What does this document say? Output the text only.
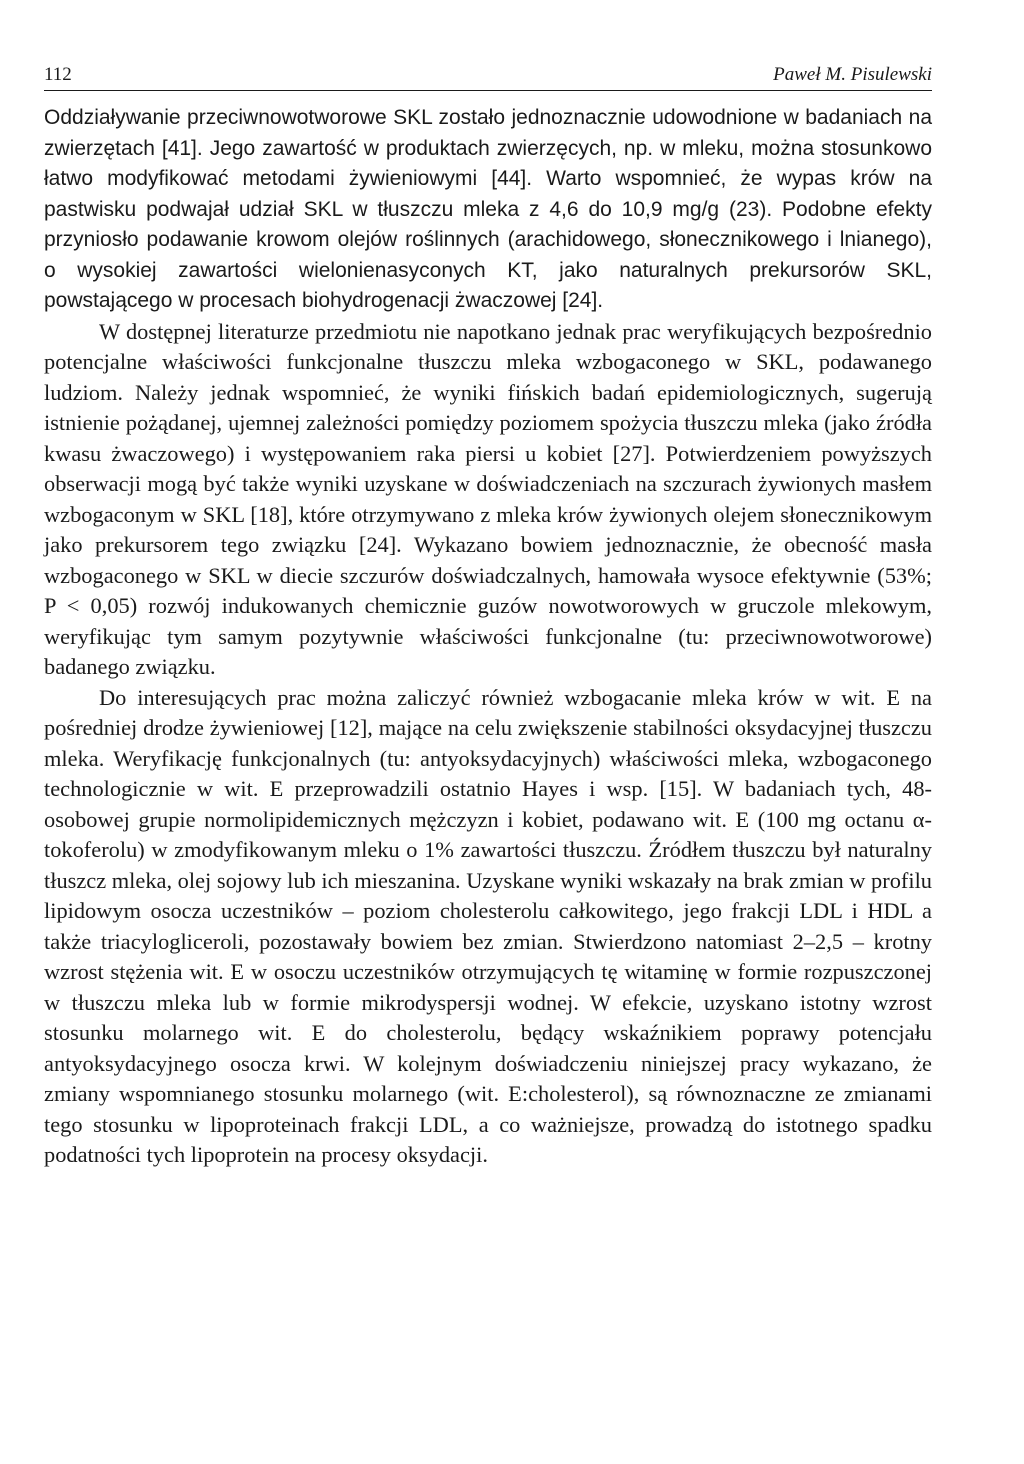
112	Paweł M. Pisulewski

Oddziaływanie przeciwnowotworowe SKL zostało jednoznacznie udowodnione w badaniach na zwierzętach [41]. Jego zawartość w produktach zwierzęcych, np. w mleku, można stosunkowo łatwo modyfikować metodami żywieniowymi [44]. Warto wspomnieć, że wypas krów na pastwisku podwajał udział SKL w tłuszczu mleka z 4,6 do 10,9 mg/g (23). Podobne efekty przyniosło podawanie krowom olejów roślinnych (arachidowego, słonecznikowego i lnianego), o wysokiej zawartości wielonienasyconych KT, jako naturalnych prekursorów SKL, powstającego w procesach biohydrogenacji żwaczowej [24].

W dostępnej literaturze przedmiotu nie napotkano jednak prac weryfikujących bezpośrednio potencjalne właściwości funkcjonalne tłuszczu mleka wzbogaconego w SKL, podawanego ludziom. Należy jednak wspomnieć, że wyniki fińskich badań epidemiologicznych, sugerują istnienie pożądanej, ujemnej zależności pomiędzy poziomem spożycia tłuszczu mleka (jako źródła kwasu żwaczowego) i występowaniem raka piersi u kobiet [27]. Potwierdzeniem powyższych obserwacji mogą być także wyniki uzyskane w doświadczeniach na szczurach żywionych masłem wzbogaconym w SKL [18], które otrzymywano z mleka krów żywionych olejem słonecznikowym jako prekursorem tego związku [24]. Wykazano bowiem jednoznacznie, że obecność masła wzbogaconego w SKL w diecie szczurów doświadczalnych, hamowała wysoce efektywnie (53%; P < 0,05) rozwój indukowanych chemicznie guzów nowotworowych w gruczole mlekowym, weryfikując tym samym pozytywnie właściwości funkcjonalne (tu: przeciwnowotworowe) badanego związku.

Do interesujących prac można zaliczyć również wzbogacanie mleka krów w wit. E na pośredniej drodze żywieniowej [12], mające na celu zwiększenie stabilności oksydacyjnej tłuszczu mleka. Weryfikację funkcjonalnych (tu: antyoksydacyjnych) właściwości mleka, wzbogaconego technologicznie w wit. E przeprowadzili ostatnio Hayes i wsp. [15]. W badaniach tych, 48-osobowej grupie normolipidemicznych mężczyzn i kobiet, podawano wit. E (100 mg octanu α-tokoferolu) w zmodyfikowanym mleku o 1% zawartości tłuszczu. Źródłem tłuszczu był naturalny tłuszcz mleka, olej sojowy lub ich mieszanina. Uzyskane wyniki wskazały na brak zmian w profilu lipidowym osocza uczestników – poziom cholesterolu całkowitego, jego frakcji LDL i HDL a także triacylogliceroli, pozostawały bowiem bez zmian. Stwierdzono natomiast 2–2,5 – krotny wzrost stężenia wit. E w osoczu uczestników otrzymujących tę witaminę w formie rozpuszczonej w tłuszczu mleka lub w formie mikrodyspersji wodnej. W efekcie, uzyskano istotny wzrost stosunku molarnego wit. E do cholesterolu, będący wskaźnikiem poprawy potencjału antyoksydacyjnego osocza krwi. W kolejnym doświadczeniu niniejszej pracy wykazano, że zmiany wspomnianego stosunku molarnego (wit. E:cholesterol), są równoznaczne ze zmianami tego stosunku w lipoproteinach frakcji LDL, a co ważniejsze, prowadzą do istotnego spadku podatności tych lipoprotein na procesy oksydacji.
